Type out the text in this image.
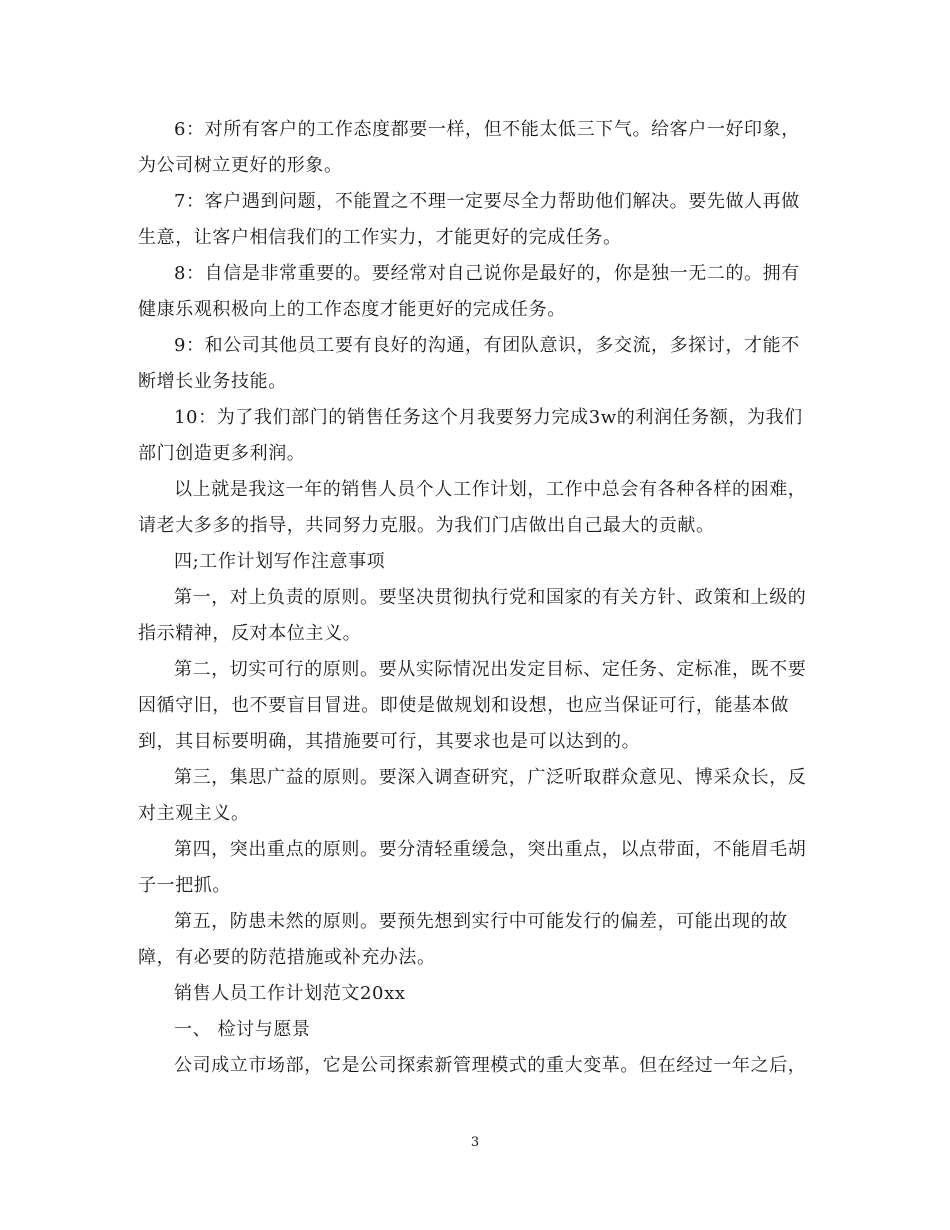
6：对所有客户的工作态度都要一样，但不能太低三下气。给客户一好印象，为公司树立更好的形象。

7：客户遇到问题，不能置之不理一定要尽全力帮助他们解决。要先做人再做生意，让客户相信我们的工作实力，才能更好的完成任务。

8：自信是非常重要的。要经常对自己说你是最好的，你是独一无二的。拥有健康乐观积极向上的工作态度才能更好的完成任务。

9：和公司其他员工要有良好的沟通，有团队意识，多交流，多探讨，才能不断增长业务技能。

10：为了我们部门的销售任务这个月我要努力完成3w的利润任务额，为我们部门创造更多利润。

以上就是我这一年的销售人员个人工作计划，工作中总会有各种各样的困难，请老大多多的指导，共同努力克服。为我们门店做出自己最大的贡献。

四;工作计划写作注意事项

第一，对上负责的原则。要坚决贯彻执行党和国家的有关方针、政策和上级的指示精神，反对本位主义。

第二，切实可行的原则。要从实际情况出发定目标、定任务、定标准，既不要因循守旧，也不要盲目冒进。即使是做规划和设想，也应当保证可行，能基本做到，其目标要明确，其措施要可行，其要求也是可以达到的。

第三，集思广益的原则。要深入调查研究，广泛听取群众意见、博采众长，反对主观主义。

第四，突出重点的原则。要分清轻重缓急，突出重点，以点带面，不能眉毛胡子一把抓。

第五，防患未然的原则。要预先想到实行中可能发行的偏差，可能出现的故障，有必要的防范措施或补充办法。

销售人员工作计划范文20xx

一、 检讨与愿景

公司成立市场部，它是公司探索新管理模式的重大变革。但在经过一年之后，

3
